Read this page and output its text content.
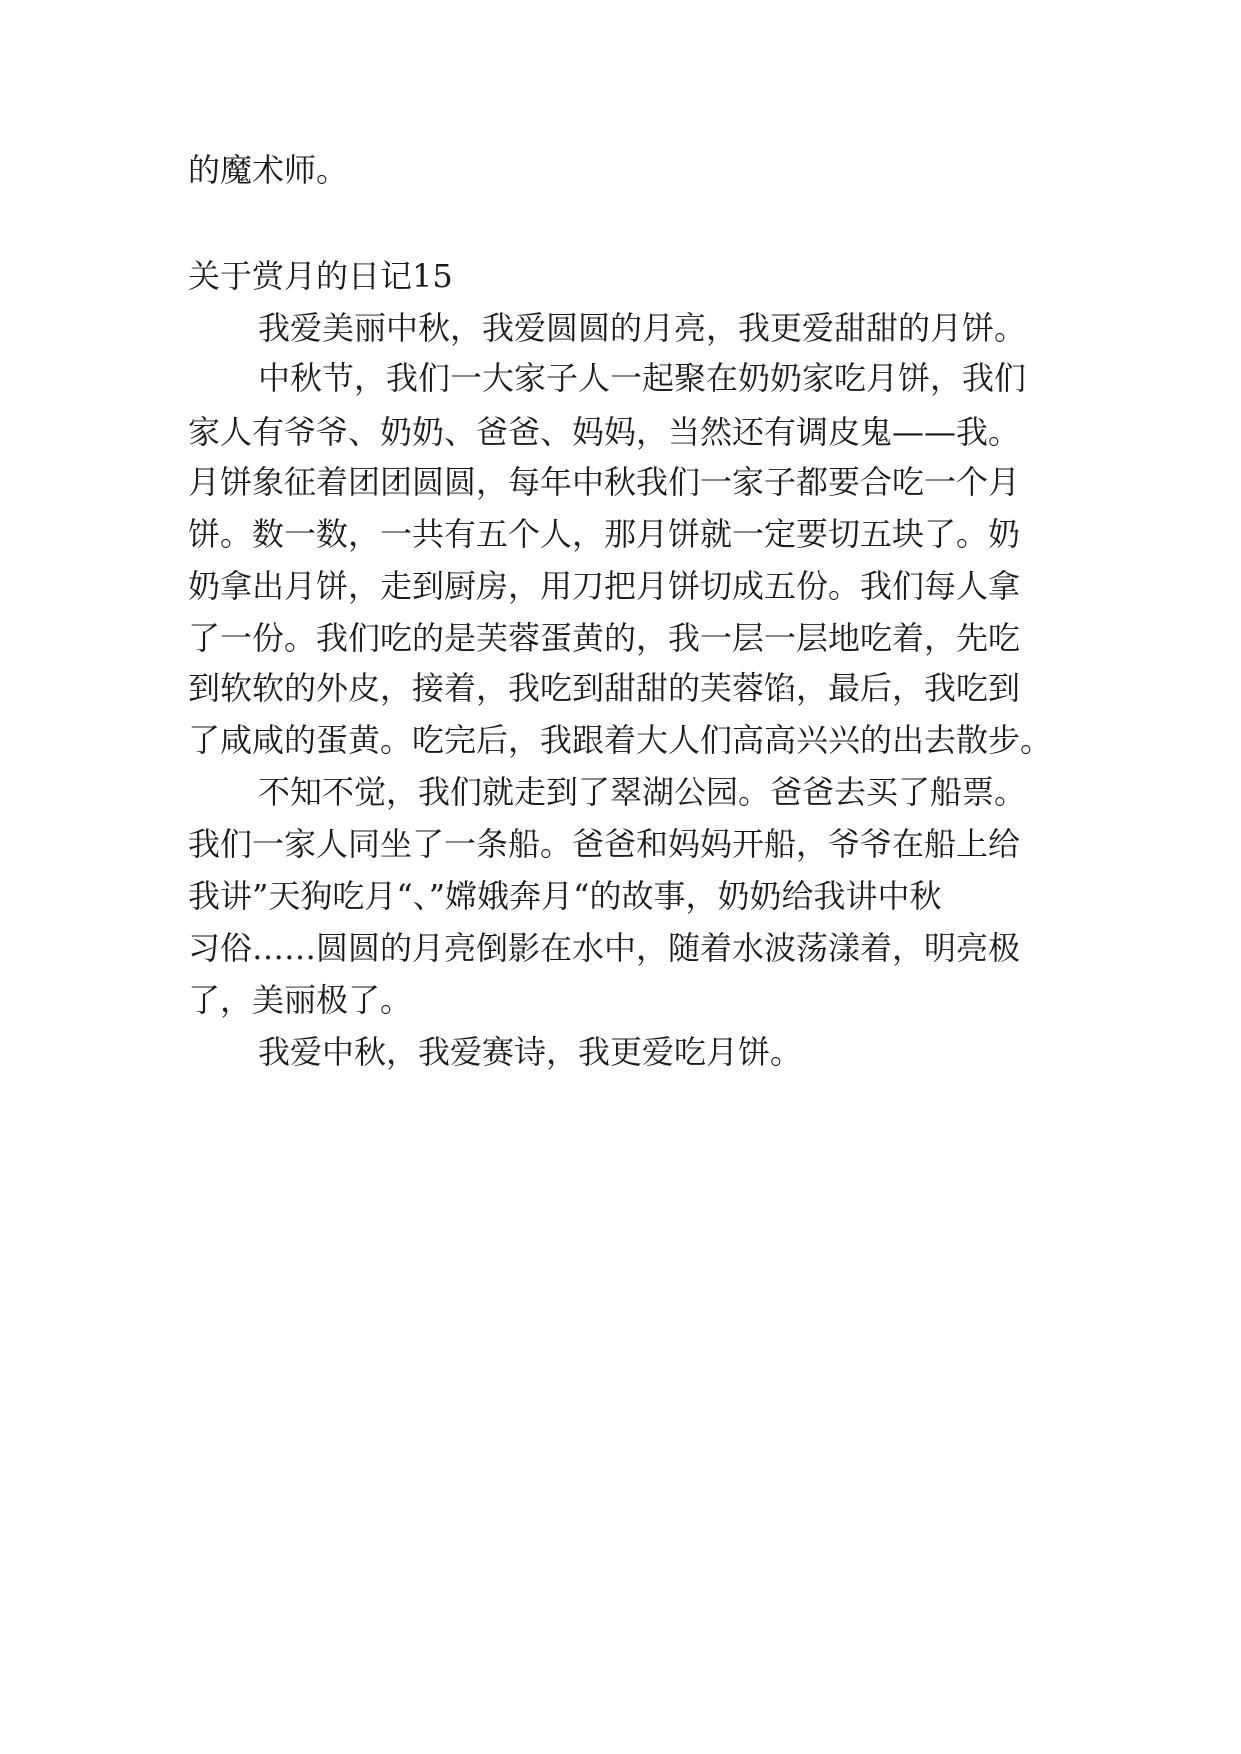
的魔术师。
关于赏月的日记15
我爱美丽中秋，我爱圆圆的月亮，我更爱甜甜的月饼。
中秋节，我们一大家子人一起聚在奶奶家吃月饼，我们
家人有爷爷、奶奶、爸爸、妈妈，当然还有调皮鬼——我。
月饼象征着团团圆圆，每年中秋我们一家子都要合吃一个月
饼。数一数，一共有五个人，那月饼就一定要切五块了。奶
奶拿出月饼，走到厨房，用刀把月饼切成五份。我们每人拿
了一份。我们吃的是芙蓉蛋黄的，我一层一层地吃着，先吃
到软软的外皮，接着，我吃到甜甜的芙蓉馅，最后，我吃到
了咸咸的蛋黄。吃完后，我跟着大人们高高兴兴的出去散步。
不知不觉，我们就走到了翠湖公园。爸爸去买了船票。
我们一家人同坐了一条船。爸爸和妈妈开船，爷爷在船上给
我讲”天狗吃月“、”嫦娥奔月“的故事，奶奶给我讲中秋
习俗……圆圆的月亮倒影在水中，随着水波荡漾着，明亮极
了，美丽极了。
我爱中秋，我爱赛诗，我更爱吃月饼。
